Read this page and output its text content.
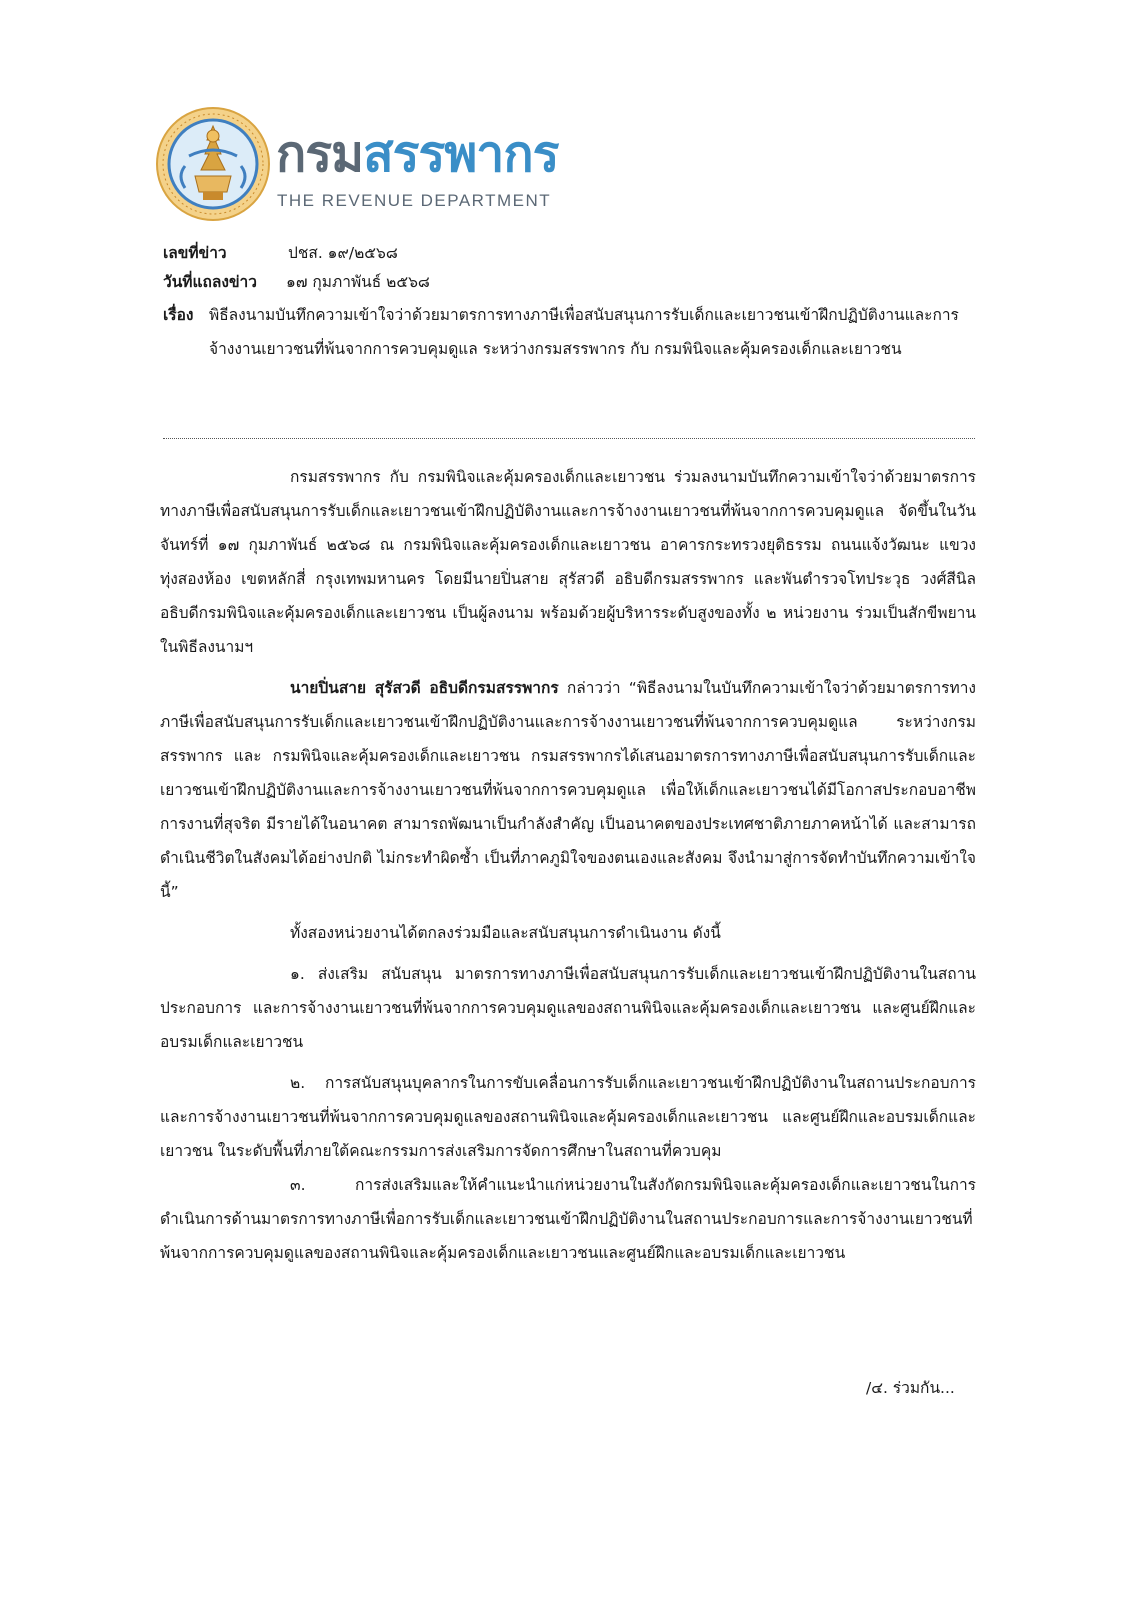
กรมสรรพากร
THE REVENUE DEPARTMENT
เลขที่ข่าว	ปชส. ๑๙/๒๕๖๘
วันที่แถลงข่าว	๑๗ กุมภาพันธ์ ๒๕๖๘
เรื่อง พิธีลงนามบันทึกความเข้าใจว่าด้วยมาตรการทางภาษีเพื่อสนับสนุนการรับเด็กและเยาวชนเข้าฝึกปฏิบัติงานและการจ้างงานเยาวชนที่พ้นจากการควบคุมดูแล ระหว่างกรมสรรพากร กับ กรมพินิจและคุ้มครองเด็กและเยาวชน

กรมสรรพากร กับ กรมพินิจและคุ้มครองเด็กและเยาวชน ร่วมลงนามบันทึกความเข้าใจว่าด้วยมาตรการทางภาษีเพื่อสนับสนุนการรับเด็กและเยาวชนเข้าฝึกปฏิบัติงานและการจ้างงานเยาวชนที่พ้นจากการควบคุมดูแล จัดขึ้นในวันจันทร์ที่ ๑๗ กุมภาพันธ์ ๒๕๖๘ ณ กรมพินิจและคุ้มครองเด็กและเยาวชน อาคารกระทรวงยุติธรรม ถนนแจ้งวัฒนะ แขวงทุ่งสองห้อง เขตหลักสี่ กรุงเทพมหานคร โดยมีนายปิ่นสาย สุรัสวดี อธิบดีกรมสรรพากร และพันตำรวจโทประวุธ วงศ์สีนิล อธิบดีกรมพินิจและคุ้มครองเด็กและเยาวชน เป็นผู้ลงนาม พร้อมด้วยผู้บริหารระดับสูงของทั้ง ๒ หน่วยงาน ร่วมเป็นสักขีพยานในพิธีลงนามฯ

นายปิ่นสาย สุรัสวดี อธิบดีกรมสรรพากร กล่าวว่า “พิธีลงนามในบันทึกความเข้าใจว่าด้วยมาตรการทางภาษีเพื่อสนับสนุนการรับเด็กและเยาวชนเข้าฝึกปฏิบัติงานและการจ้างงานเยาวชนที่พ้นจากการควบคุมดูแล ระหว่างกรมสรรพากร และ กรมพินิจและคุ้มครองเด็กและเยาวชน กรมสรรพากรได้เสนอมาตรการทางภาษีเพื่อสนับสนุนการรับเด็กและเยาวชนเข้าฝึกปฏิบัติงานและการจ้างงานเยาวชนที่พ้นจากการควบคุมดูแล เพื่อให้เด็กและเยาวชนได้มีโอกาสประกอบอาชีพการงานที่สุจริต มีรายได้ในอนาคต สามารถพัฒนาเป็นกำลังสำคัญ เป็นอนาคตของประเทศชาติภายภาคหน้าได้ และสามารถดำเนินชีวิตในสังคมได้อย่างปกติ ไม่กระทำผิดซ้ำ เป็นที่ภาคภูมิใจของตนเองและสังคม จึงนำมาสู่การจัดทำบันทึกความเข้าใจนี้”

ทั้งสองหน่วยงานได้ตกลงร่วมมือและสนับสนุนการดำเนินงาน ดังนี้

๑. ส่งเสริม สนับสนุน มาตรการทางภาษีเพื่อสนับสนุนการรับเด็กและเยาวชนเข้าฝึกปฏิบัติงานในสถานประกอบการ และการจ้างงานเยาวชนที่พ้นจากการควบคุมดูแลของสถานพินิจและคุ้มครองเด็กและเยาวชน และศูนย์ฝึกและอบรมเด็กและเยาวชน

๒. การสนับสนุนบุคลากรในการขับเคลื่อนการรับเด็กและเยาวชนเข้าฝึกปฏิบัติงานในสถานประกอบการ และการจ้างงานเยาวชนที่พ้นจากการควบคุมดูแลของสถานพินิจและคุ้มครองเด็กและเยาวชน และศูนย์ฝึกและอบรมเด็กและเยาวชน ในระดับพื้นที่ภายใต้คณะกรรมการส่งเสริมการจัดการศึกษาในสถานที่ควบคุม

๓. การส่งเสริมและให้คำแนะนำแก่หน่วยงานในสังกัดกรมพินิจและคุ้มครองเด็กและเยาวชนในการดำเนินการด้านมาตรการทางภาษีเพื่อการรับเด็กและเยาวชนเข้าฝึกปฏิบัติงานในสถานประกอบการและการจ้างงานเยาวชนที่พ้นจากการควบคุมดูแลของสถานพินิจและคุ้มครองเด็กและเยาวชนและศูนย์ฝึกและอบรมเด็กและเยาวชน

/๔. ร่วมกัน...
